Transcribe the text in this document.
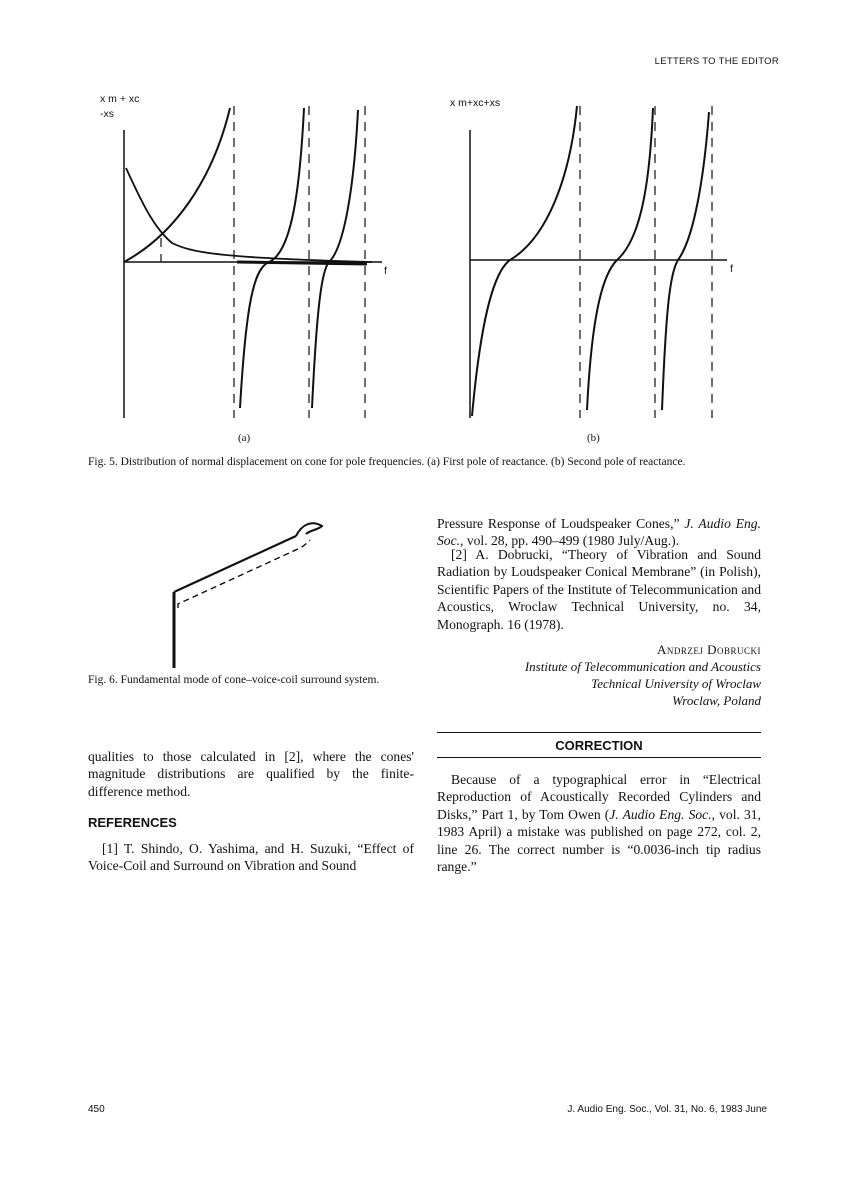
LETTERS TO THE EDITOR
x m + xc
-xs
f
x m+xc+xs
f
(a)	(b)
Fig. 5. Distribution of normal displacement on cone for pole frequencies. (a) First pole of reactance. (b) Second pole of reactance.
Fig. 6. Fundamental mode of cone–voice-coil surround system.
qualities to those calculated in [2], where the cones' magnitude distributions are qualified by the finite-difference method.
REFERENCES
[1] T. Shindo, O. Yashima, and H. Suzuki, “Effect of Voice-Coil and Surround on Vibration and Sound
Pressure Response of Loudspeaker Cones,” J. Audio Eng. Soc., vol. 28, pp. 490–499 (1980 July/Aug.).
[2] A. Dobrucki, “Theory of Vibration and Sound Radiation by Loudspeaker Conical Membrane” (in Polish), Scientific Papers of the Institute of Telecommunication and Acoustics, Wroclaw Technical University, no. 34, Monograph. 16 (1978).
Andrzej Dobrucki
Institute of Telecommunication and Acoustics
Technical University of Wroclaw
Wroclaw, Poland
CORRECTION
Because of a typographical error in “Electrical Reproduction of Acoustically Recorded Cylinders and Disks,” Part 1, by Tom Owen (J. Audio Eng. Soc., vol. 31, 1983 April) a mistake was published on page 272, col. 2, line 26. The correct number is “0.0036-inch tip radius range.”
450	J. Audio Eng. Soc., Vol. 31, No. 6, 1983 June
